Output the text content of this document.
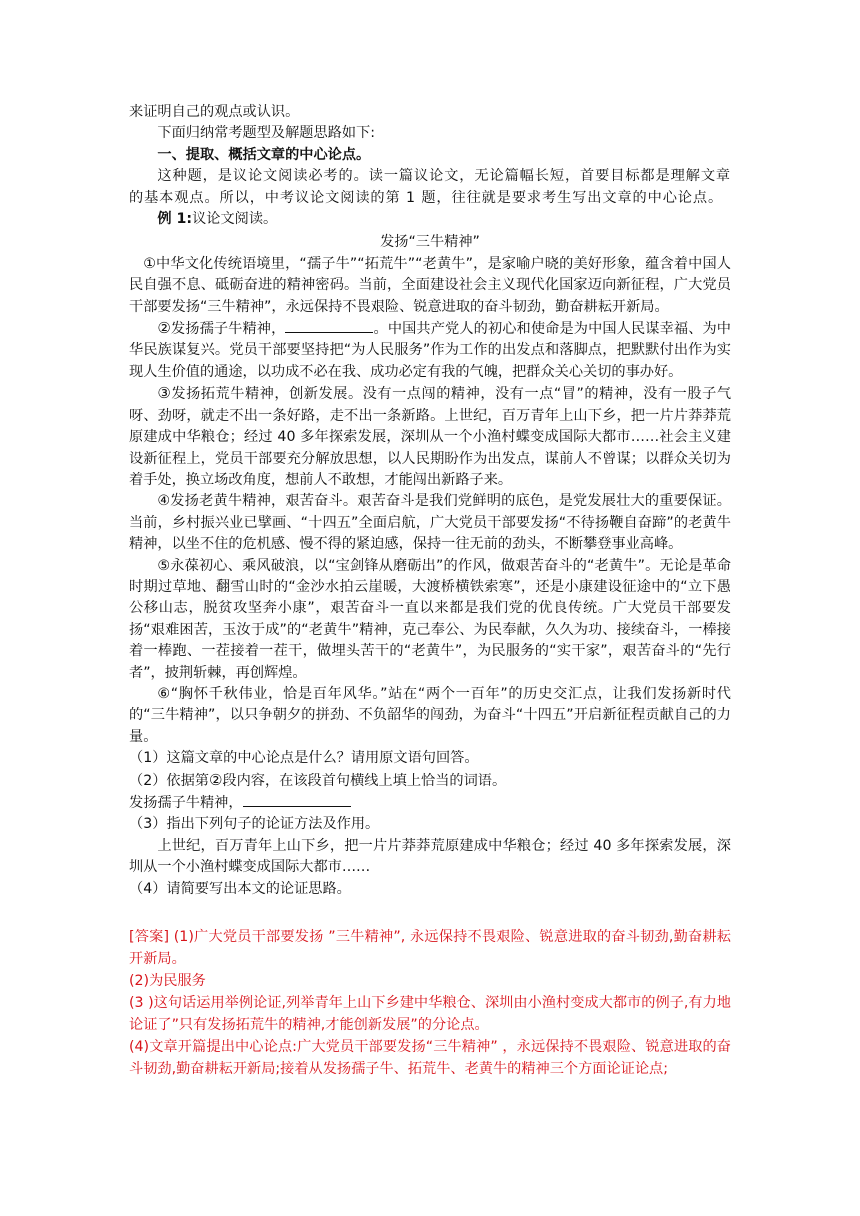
来证明自己的观点或认识。

下面归纳常考题型及解题思路如下:

一、提取、概括文章的中心论点。

这种题，是议论文阅读必考的。读一篇议论文，无论篇幅长短，首要目标都是理解文章的基本观点。所以，中考议论文阅读的第 1 题，往往就是要求考生写出文章的中心论点。

例 1:议论文阅读。

发扬“三牛精神”

①中华文化传统语境里，“孺子牛”“拓荒牛”“老黄牛”，是家喻户晓的美好形象，蕴含着中国人民自强不息、砥砺奋进的精神密码。当前，全面建设社会主义现代化国家迈向新征程，广大党员干部要发扬“三牛精神”，永远保持不畏艰险、锐意进取的奋斗韧劲，勤奋耕耘开新局。

②发扬孺子牛精神，	。中国共产党人的初心和使命是为中国人民谋幸福、为中华民族谋复兴。党员干部要坚持把“为人民服务”作为工作的出发点和落脚点，把默默付出作为实现人生价值的通途，以功成不必在我、成功必定有我的气魄，把群众关心关切的事办好。

③发扬拓荒牛精神，创新发展。没有一点闯的精神，没有一点“冒”的精神，没有一股子气呀、劲呀，就走不出一条好路，走不出一条新路。上世纪，百万青年上山下乡，把一片片莽莽荒原建成中华粮仓；经过 40 多年探索发展，深圳从一个小渔村蝶变成国际大都市……社会主义建设新征程上，党员干部要充分解放思想，以人民期盼作为出发点，谋前人不曾谋；以群众关切为着手处，换立场改角度，想前人不敢想，才能闯出新路子来。

④发扬老黄牛精神，艰苦奋斗。艰苦奋斗是我们党鲜明的底色，是党发展壮大的重要保证。当前，乡村振兴业已擘画、“十四五”全面启航，广大党员干部要发扬“不待扬鞭自奋蹄”的老黄牛精神，以坐不住的危机感、慢不得的紧迫感，保持一往无前的劲头，不断攀登事业高峰。

⑤永葆初心、乘风破浪，以“宝剑锋从磨砺出”的作风，做艰苦奋斗的“老黄牛”。无论是革命时期过草地、翻雪山时的“金沙水拍云崖暖，大渡桥横铁索寒”，还是小康建设征途中的“立下愚公移山志，脱贫攻坚奔小康”，艰苦奋斗一直以来都是我们党的优良传统。广大党员干部要发扬“艰难困苦，玉汝于成”的“老黄牛”精神，克己奉公、为民奉献，久久为功、接续奋斗，一棒接着一棒跑、一茬接着一茬干，做埋头苦干的“老黄牛”，为民服务的“实干家”，艰苦奋斗的“先行者”，披荆斩棘，再创辉煌。

⑥“胸怀千秋伟业，恰是百年风华。”站在“两个一百年”的历史交汇点，让我们发扬新时代的“三牛精神”，以只争朝夕的拼劲、不负韶华的闯劲，为奋斗“十四五”开启新征程贡献自己的力量。

（1）这篇文章的中心论点是什么？请用原文语句回答。

（2）依据第②段内容，在该段首句横线上填上恰当的词语。

发扬孺子牛精神，

（3）指出下列句子的论证方法及作用。

上世纪，百万青年上山下乡，把一片片莽莽荒原建成中华粮仓；经过 40 多年探索发展，深圳从一个小渔村蝶变成国际大都市……

（4）请简要写出本文的论证思路。

[答案] (1)广大党员干部要发扬 ”三牛精神”, 永远保持不畏艰险、锐意进取的奋斗韧劲,勤奋耕耘开新局。

(2)为民服务

(3 )这句话运用举例论证,列举青年上山下乡建中华粮仓、深圳由小渔村变成大都市的例子,有力地论证了”只有发扬拓荒牛的精神,才能创新发展”的分论点。

(4)文章开篇提出中心论点:广大党员干部要发扬“三牛精神” ，永远保持不畏艰险、锐意进取的奋斗韧劲,勤奋耕耘开新局;接着从发扬孺子牛、拓荒牛、老黄牛的精神三个方面论证论点;
